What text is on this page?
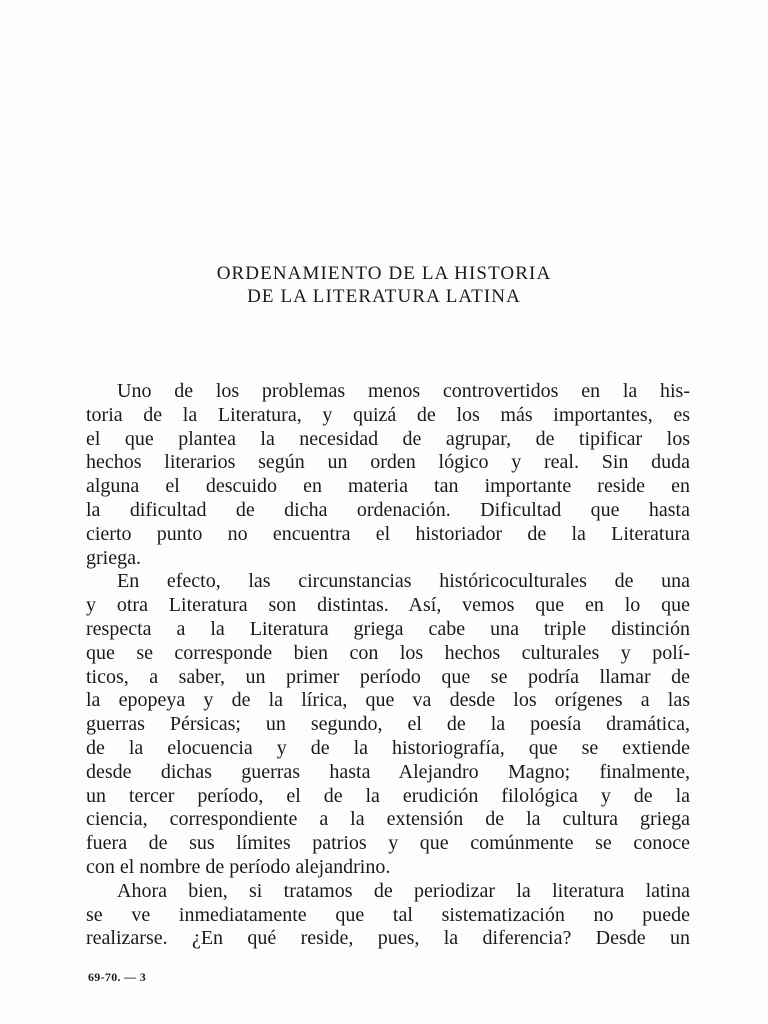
ORDENAMIENTO DE LA HISTORIA
DE LA LITERATURA LATINA
Uno de los problemas menos controvertidos en la his-
toria de la Literatura, y quizá de los más importantes, es
el que plantea la necesidad de agrupar, de tipificar los
hechos literarios según un orden lógico y real. Sin duda
alguna el descuido en materia tan importante reside en
la dificultad de dicha ordenación. Dificultad que hasta
cierto punto no encuentra el historiador de la Literatura
griega.
En efecto, las circunstancias históricoculturales de una
y otra Literatura son distintas. Así, vemos que en lo que
respecta a la Literatura griega cabe una triple distinción
que se corresponde bien con los hechos culturales y polí-
ticos, a saber, un primer período que se podría llamar de
la epopeya y de la lírica, que va desde los orígenes a las
guerras Pérsicas; un segundo, el de la poesía dramática,
de la elocuencia y de la historiografía, que se extiende
desde dichas guerras hasta Alejandro Magno; finalmente,
un tercer período, el de la erudición filológica y de la
ciencia, correspondiente a la extensión de la cultura griega
fuera de sus límites patrios y que comúnmente se conoce
con el nombre de período alejandrino.
Ahora bien, si tratamos de periodizar la literatura latina
se ve inmediatamente que tal sistematización no puede
realizarse. ¿En qué reside, pues, la diferencia? Desde un
69-70. — 3
